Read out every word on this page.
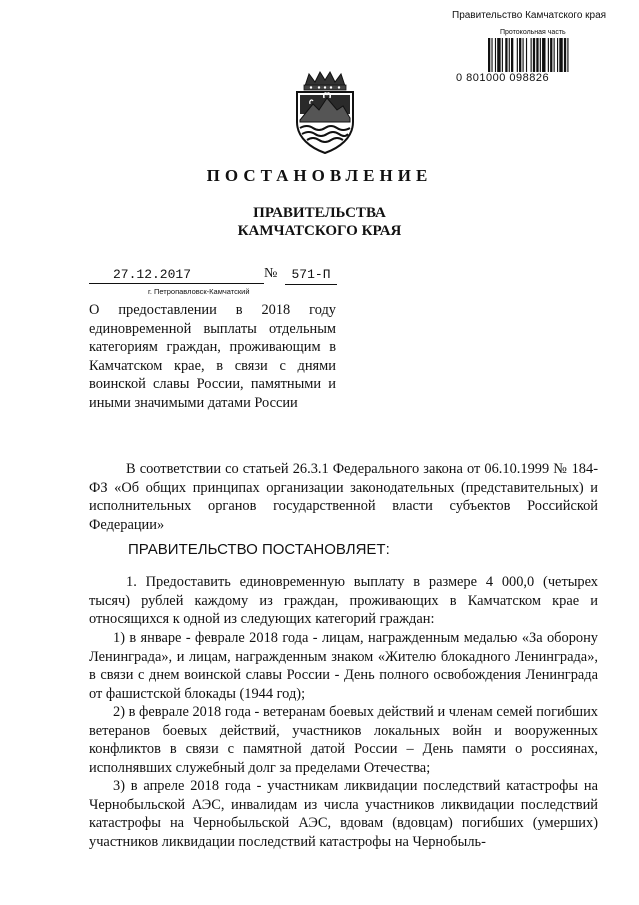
Правительство Камчатского края
Протокольная часть
0 801000 098826
ПОСТАНОВЛЕНИЕ
ПРАВИТЕЛЬСТВА
КАМЧАТСКОГО КРАЯ
27.12.2017	№	571-П
г. Петропавловск-Камчатский
О предоставлении в 2018 году единовременной выплаты отдельным категориям граждан, проживающим в Камчатском крае, в связи с днями воинской славы России, памятными и иными значимыми датами России

В соответствии со статьей 26.3.1 Федерального закона от 06.10.1999 № 184-ФЗ «Об общих принципах организации законодательных (представительных) и исполнительных органов государственной власти субъектов Российской Федерации»

ПРАВИТЕЛЬСТВО ПОСТАНОВЛЯЕТ:

1. Предоставить единовременную выплату в размере 4 000,0 (четырех тысяч) рублей каждому из граждан, проживающих в Камчатском крае и относящихся к одной из следующих категорий граждан:

1) в январе - феврале 2018 года - лицам, награжденным медалью «За оборону Ленинграда», и лицам, награжденным знаком «Жителю блокадного Ленинграда», в связи с днем воинской славы России - День полного освобождения Ленинграда от фашистской блокады (1944 год);

2) в феврале 2018 года - ветеранам боевых действий и членам семей погибших ветеранов боевых действий, участников локальных войн и вооруженных конфликтов в связи с памятной датой России – День памяти о россиянах, исполнявших служебный долг за пределами Отечества;

3) в апреле 2018 года - участникам ликвидации последствий катастрофы на Чернобыльской АЭС, инвалидам из числа участников ликвидации последствий катастрофы на Чернобыльской АЭС, вдовам (вдовцам) погибших (умерших) участников ликвидации последствий катастрофы на Чернобыль-
